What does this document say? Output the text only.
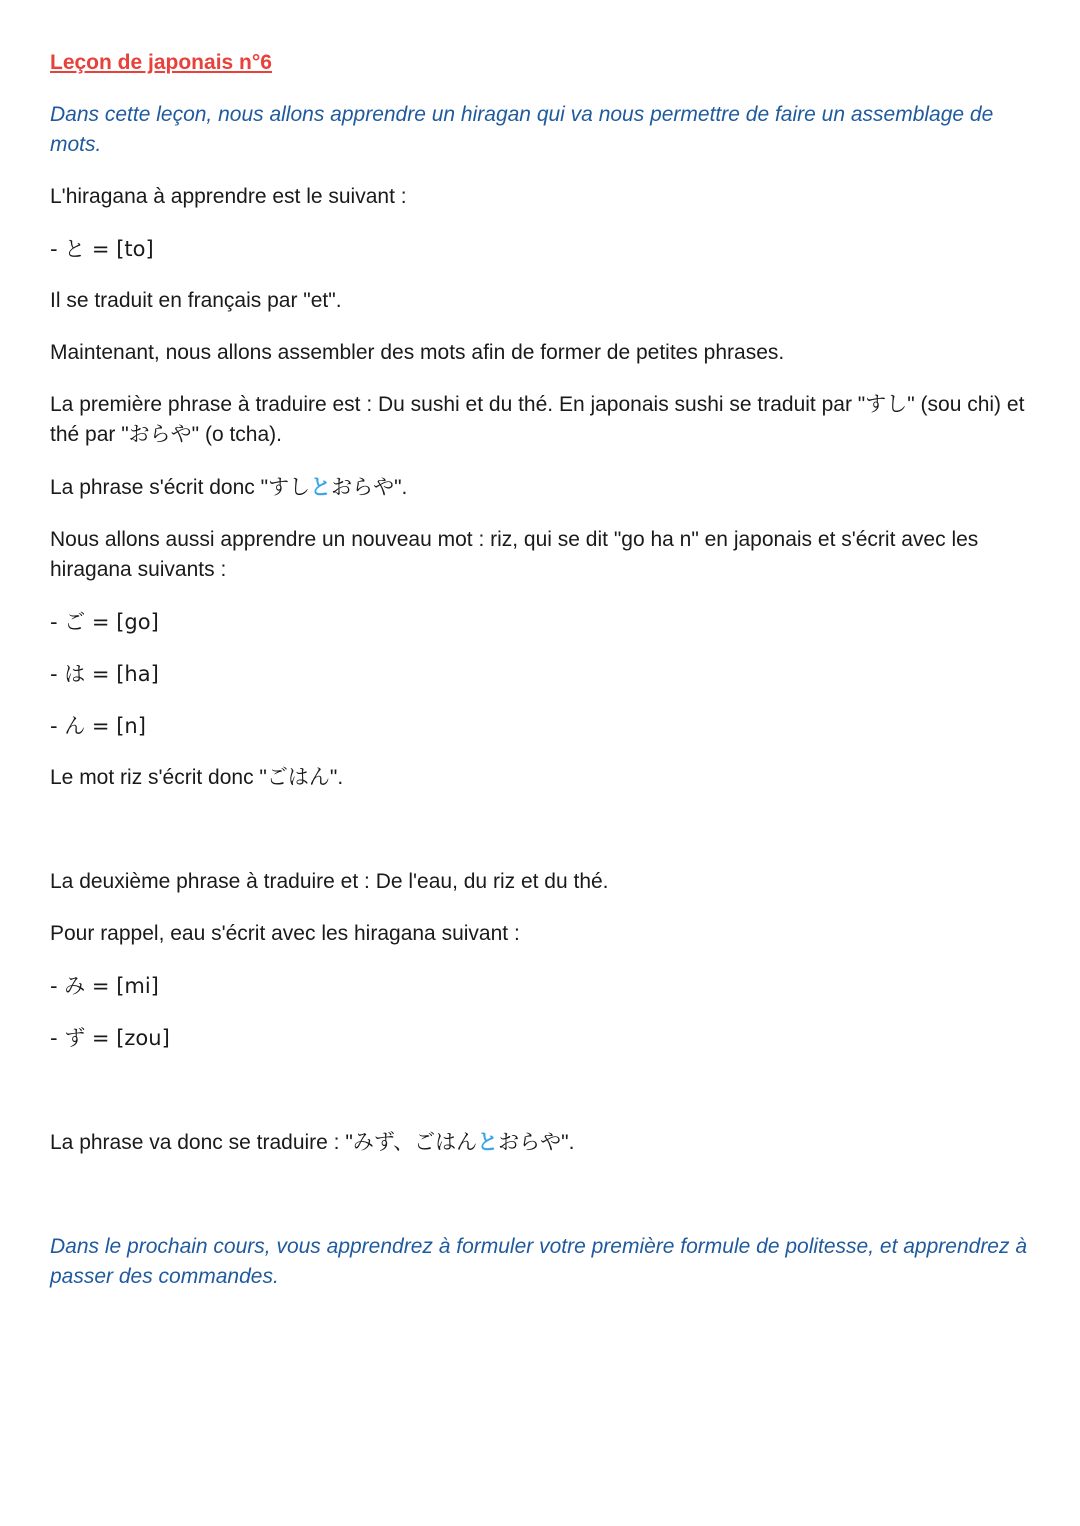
Leçon de japonais n°6

Dans cette leçon, nous allons apprendre un hiragan qui va nous permettre de faire un assemblage de mots.

L'hiragana à apprendre est le suivant :

- と = [to]

Il se traduit en français par "et".

Maintenant, nous allons assembler des mots afin de former de petites phrases.

La première phrase à traduire est : Du sushi et du thé. En japonais sushi se traduit par "すし" (sou chi) et thé par "おらや" (o tcha).

La phrase s'écrit donc "すしとおらや".

Nous allons aussi apprendre un nouveau mot : riz, qui se dit "go ha n" en japonais et s'écrit avec les hiragana suivants :

- ご = [go]

- は = [ha]

- ん = [n]

Le mot riz s'écrit donc "ごはん".

La deuxième phrase à traduire et : De l'eau, du riz et du thé.

Pour rappel, eau s'écrit avec les hiragana suivant :

- み = [mi]

- ず = [zou]

La phrase va donc se traduire : "みず、ごはんとおらや".

Dans le prochain cours, vous apprendrez à formuler votre première formule de politesse, et apprendrez à passer des commandes.
